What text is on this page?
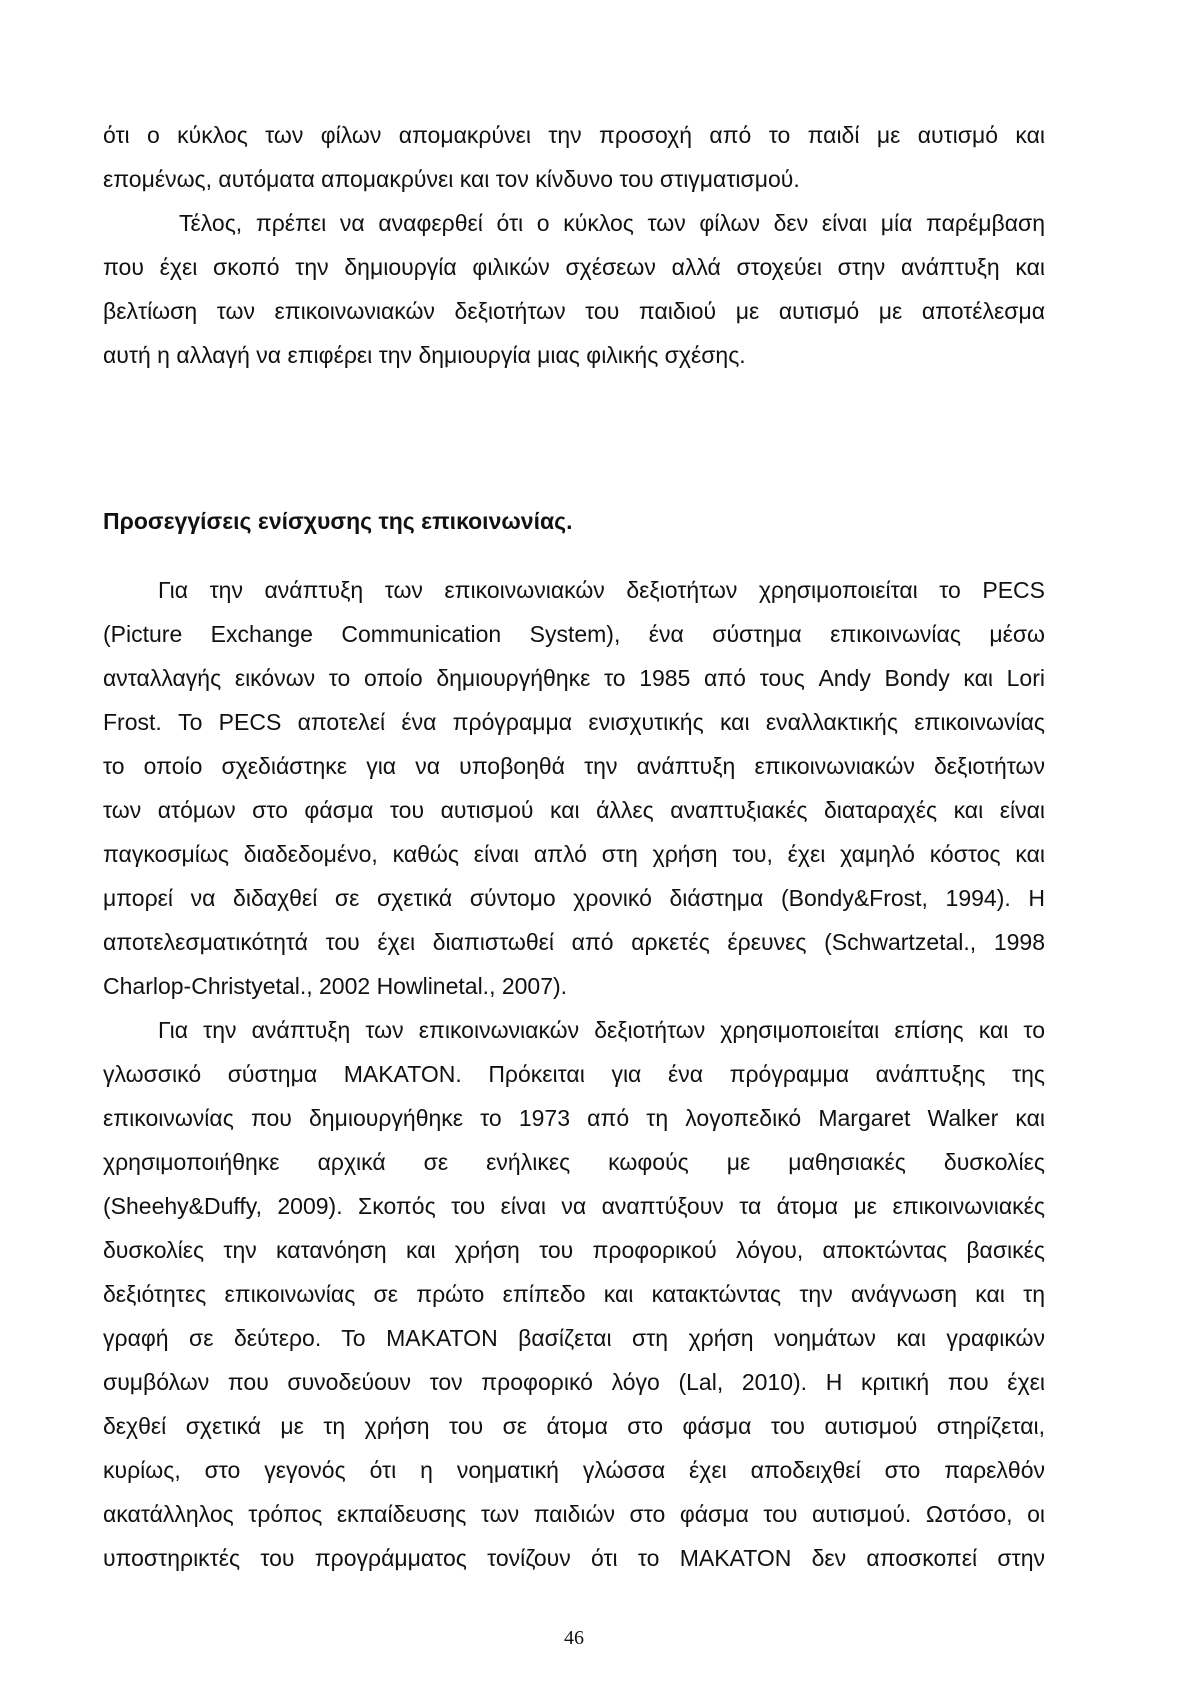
ότι ο κύκλος των φίλων απομακρύνει την προσοχή από το παιδί με αυτισμό και
επομένως, αυτόματα απομακρύνει και τον κίνδυνο του στιγματισμού.
Τέλος, πρέπει να αναφερθεί ότι ο κύκλος των φίλων δεν είναι μία παρέμβαση
που έχει σκοπό την δημιουργία φιλικών σχέσεων αλλά στοχεύει στην ανάπτυξη και
βελτίωση των επικοινωνιακών δεξιοτήτων του παιδιού με αυτισμό με αποτέλεσμα
αυτή η αλλαγή να επιφέρει την δημιουργία μιας φιλικής σχέσης.
Προσεγγίσεις ενίσχυσης της επικοινωνίας.
Για την ανάπτυξη των επικοινωνιακών δεξιοτήτων χρησιμοποιείται το PECS
(Picture Exchange Communication System), ένα σύστημα επικοινωνίας μέσω
ανταλλαγής εικόνων το οποίο δημιουργήθηκε το 1985 από τους Andy Bondy και Lori
Frost. Το PECS αποτελεί ένα πρόγραμμα ενισχυτικής και εναλλακτικής επικοινωνίας
το οποίο σχεδιάστηκε για να υποβοηθά την ανάπτυξη επικοινωνιακών δεξιοτήτων
των ατόμων στο φάσμα του αυτισμού και άλλες αναπτυξιακές διαταραχές και είναι
παγκοσμίως διαδεδομένο, καθώς είναι απλό στη χρήση του, έχει χαμηλό κόστος και
μπορεί να διδαχθεί σε σχετικά σύντομο χρονικό διάστημα (Bondy&Frost, 1994). Η
αποτελεσματικότητά του έχει διαπιστωθεί από αρκετές έρευνες (Schwartzetal., 1998
Charlop-Christyetal., 2002 Howlinetal., 2007).
Για την ανάπτυξη των επικοινωνιακών δεξιοτήτων χρησιμοποιείται επίσης και το
γλωσσικό σύστημα MAKATON. Πρόκειται για ένα πρόγραμμα ανάπτυξης της
επικοινωνίας που δημιουργήθηκε το 1973 από τη λογοπεδικό Margaret Walker και
χρησιμοποιήθηκε αρχικά σε ενήλικες κωφούς με μαθησιακές δυσκολίες
(Sheehy&Duffy, 2009). Σκοπός του είναι να αναπτύξουν τα άτομα με επικοινωνιακές
δυσκολίες την κατανόηση και χρήση του προφορικού λόγου, αποκτώντας βασικές
δεξιότητες επικοινωνίας σε πρώτο επίπεδο και κατακτώντας την ανάγνωση και τη
γραφή σε δεύτερο. Το MAKATON βασίζεται στη χρήση νοημάτων και γραφικών
συμβόλων που συνοδεύουν τον προφορικό λόγο (Lal, 2010). Η κριτική που έχει
δεχθεί σχετικά με τη χρήση του σε άτομα στο φάσμα του αυτισμού στηρίζεται,
κυρίως, στο γεγονός ότι η νοηματική γλώσσα έχει αποδειχθεί στο παρελθόν
ακατάλληλος τρόπος εκπαίδευσης των παιδιών στο φάσμα του αυτισμού. Ωστόσο, οι
υποστηρικτές του προγράμματος τονίζουν ότι το MAKATON δεν αποσκοπεί στην
46
